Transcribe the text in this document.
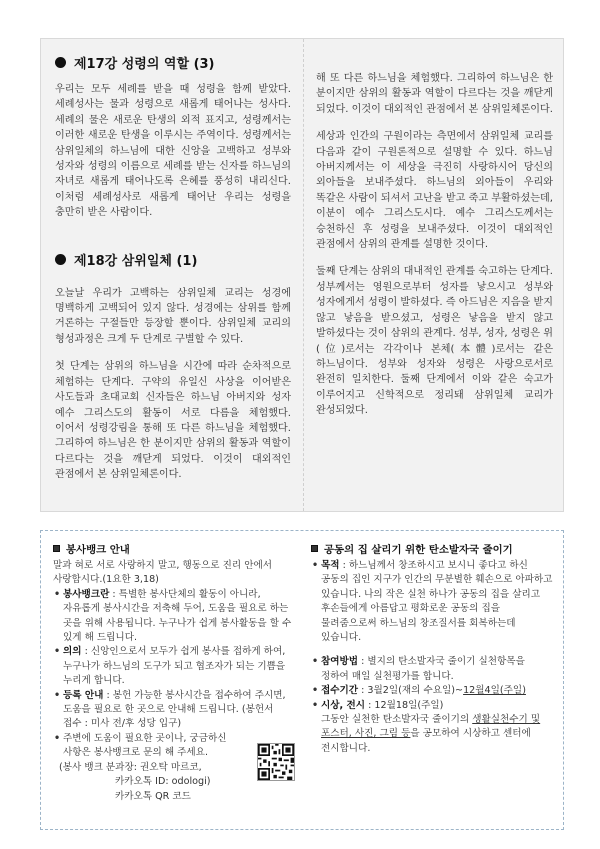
제17강 성령의 역할 (3)

우리는 모두 세례를 받을 때 성령을 함께 받았다. 세례성사는 물과 성령으로 새롭게 태어나는 성사다. 세례의 물은 새로운 탄생의 외적 표지고, 성령께서는 이러한 새로운 탄생을 이루시는 주역이다. 성령께서는 삼위일체의 하느님에 대한 신앙을 고백하고 성부와 성자와 성령의 이름으로 세례를 받는 신자를 하느님의 자녀로 새롭게 태어나도록 은혜를 풍성히 내리신다. 이처럼 세례성사로 새롭게 태어난 우리는 성령을 충만히 받은 사람이다.

제18강 삼위일체 (1)

오늘날 우리가 고백하는 삼위일체 교리는 성경에 명백하게 고백되어 있지 않다. 성경에는 삼위를 함께 거론하는 구절들만 등장할 뿐이다. 삼위일체 교리의 형성과정은 크게 두 단계로 구별할 수 있다.

첫 단계는 삼위의 하느님을 시간에 따라 순차적으로 체험하는 단계다. 구약의 유일신 사상을 이어받은 사도들과 초대교회 신자들은 하느님 아버지와 성자 예수 그리스도의 활동이 서로 다름을 체험했다. 이어서 성령강림을 통해 또 다른 하느님을 체험했다. 그리하여 하느님은 한 분이지만 삼위의 활동과 역할이 다르다는 것을 깨닫게 되었다. 이것이 대외적인 관점에서 본 삼위일체론이다.

해 또 다른 하느님을 체험했다. 그리하여 하느님은 한 분이지만 삼위의 활동과 역할이 다르다는 것을 깨닫게 되었다. 이것이 대외적인 관점에서 본 삼위일체론이다.

세상과 인간의 구원이라는 측면에서 삼위일체 교리를 다음과 같이 구원론적으로 설명할 수 있다. 하느님 아버지께서는 이 세상을 극진히 사랑하시어 당신의 외아들을 보내주셨다. 하느님의 외아들이 우리와 똑같은 사람이 되셔서 고난을 받고 죽고 부활하셨는데, 이분이 예수 그리스도시다. 예수 그리스도께서는 승천하신 후 성령을 보내주셨다. 이것이 대외적인 관점에서 삼위의 관계를 설명한 것이다.

둘째 단계는 삼위의 대내적인 관계를 숙고하는 단계다. 성부께서는 영원으로부터 성자를 낳으시고 성부와 성자에게서 성령이 발하셨다. 즉 아드님은 지음을 받지 않고 낳음을 받으셨고, 성령은 낳음을 받지 않고 발하셨다는 것이 삼위의 관계다. 성부, 성자, 성령은 위(位)로서는 각각이나 본체(本體)로서는 같은 하느님이다. 성부와 성자와 성령은 사랑으로서로 완전히 일치한다. 둘째 단계에서 이와 같은 숙고가 이루어지고 신학적으로 정리돼 삼위일체 교리가 완성되었다.

봉사뱅크 안내

말과 혀로 서로 사랑하지 말고, 행동으로 진리 안에서 사랑합시다.(1요한 3,18)

• 봉사뱅크란 : 특별한 봉사단체의 활동이 아니라, 자유롭게 봉사시간을 저축해 두어, 도움을 필요로 하는 곳을 위해 사용됩니다. 누구나가 쉽게 봉사활동을 할 수 있게 해 드립니다.
• 의의 : 신앙인으로서 모두가 쉽게 봉사를 접하게 하여, 누구나가 하느님의 도구가 되고 협조자가 되는 기쁨을 누리게 합니다.
• 등록 안내 : 봉헌 가능한 봉사시간을 접수하여 주시면, 도움을 필요로 한 곳으로 안내해 드립니다. (봉헌서 접수 : 미사 전/후 성당 입구)
• 주변에 도움이 필요한 곳이나, 궁금하신 사항은 봉사뱅크로 문의 해 주세요.

(봉사 뱅크 분과장: 권오탁 마르코,

카카오톡 ID: odologi)

카카오톡 QR 코드

공동의 집 살리기 위한 탄소발자국 줄이기
• 목적 : 하느님께서 창조하시고 보시니 좋다고 하신 공동의 집인 지구가 인간의 무분별한 훼손으로 아파하고 있습니다. 나의 작은 실천 하나가 공동의 집을 살리고 후손들에게 아름답고 평화로운 공동의 집을 물려줌으로써 하느님의 창조질서를 회복하는데 있습니다.
• 참여방법 : 별지의 탄소발자국 줄이기 실천항목을 정하여 매일 실천평가를 합니다.
• 접수기간 : 3월2일(재의 수요일)~12월4일(주일)
• 시상, 전시 : 12월18일(주일)

그동안 실천한 탄소발자국 줄이기의 생활실천수기 및 포스터, 사진, 그림 등을 공모하여 시상하고 센터에 전시합니다.
